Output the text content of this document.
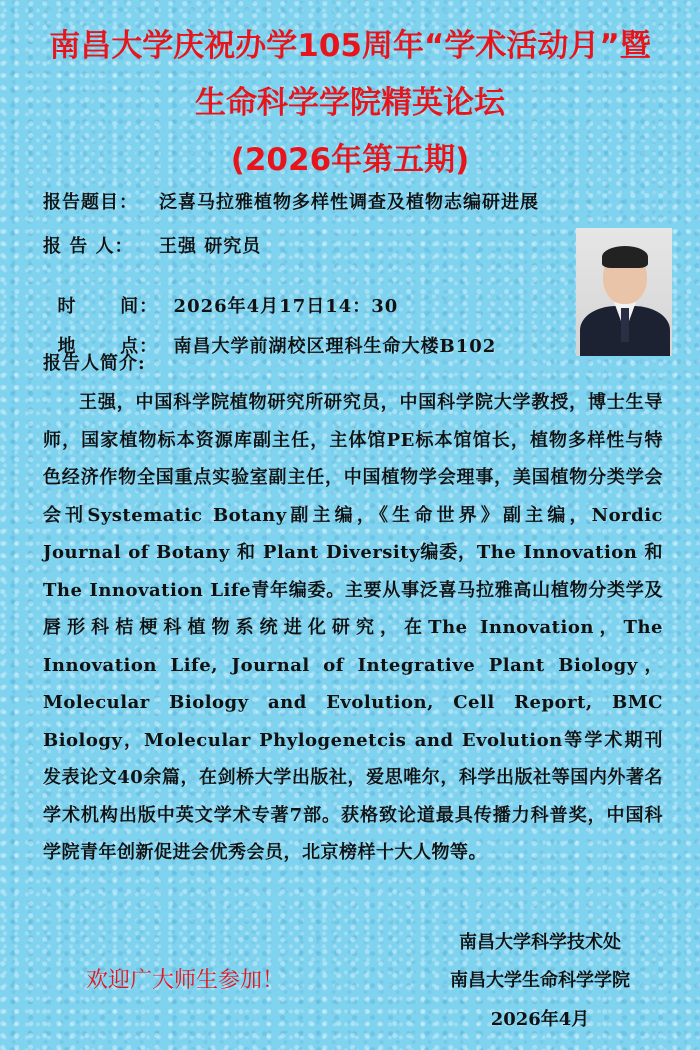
南昌大学庆祝办学105周年“学术活动月”暨
生命科学学院精英论坛
(2026年第五期)
报告题目： 泛喜马拉雅植物多样性调查及植物志编研进展
报 告 人： 王强 研究员

时      间： 2026年4月17日14：30

地      点： 南昌大学前湖校区理科生命大楼B102

报告人简介:

王强，中国科学院植物研究所研究员，中国科学院大学教授，博士生导师，国家植物标本资源库副主任，主体馆PE标本馆馆长，植物多样性与特色经济作物全国重点实验室副主任，中国植物学会理事，美国植物分类学会会刊Systematic Botany副主编，《生命世界》副主编，Nordic Journal of Botany 和 Plant Diversity编委，The Innovation 和 The Innovation Life青年编委。主要从事泛喜马拉雅高山植物分类学及唇形科桔梗科植物系统进化研究，在The Innovation，The Innovation Life, Journal of Integrative Plant Biology，Molecular Biology and Evolution, Cell Report, BMC Biology，Molecular Phylogenetcis and Evolution等学术期刊发表论文40余篇，在剑桥大学出版社，爱思唯尔，科学出版社等国内外著名学术机构出版中英文学术专著7部。获格致论道最具传播力科普奖，中国科学院青年创新促进会优秀会员，北京榜样十大人物等。

欢迎广大师生参加！
南昌大学科学技术处
南昌大学生命科学学院
2026年4月
